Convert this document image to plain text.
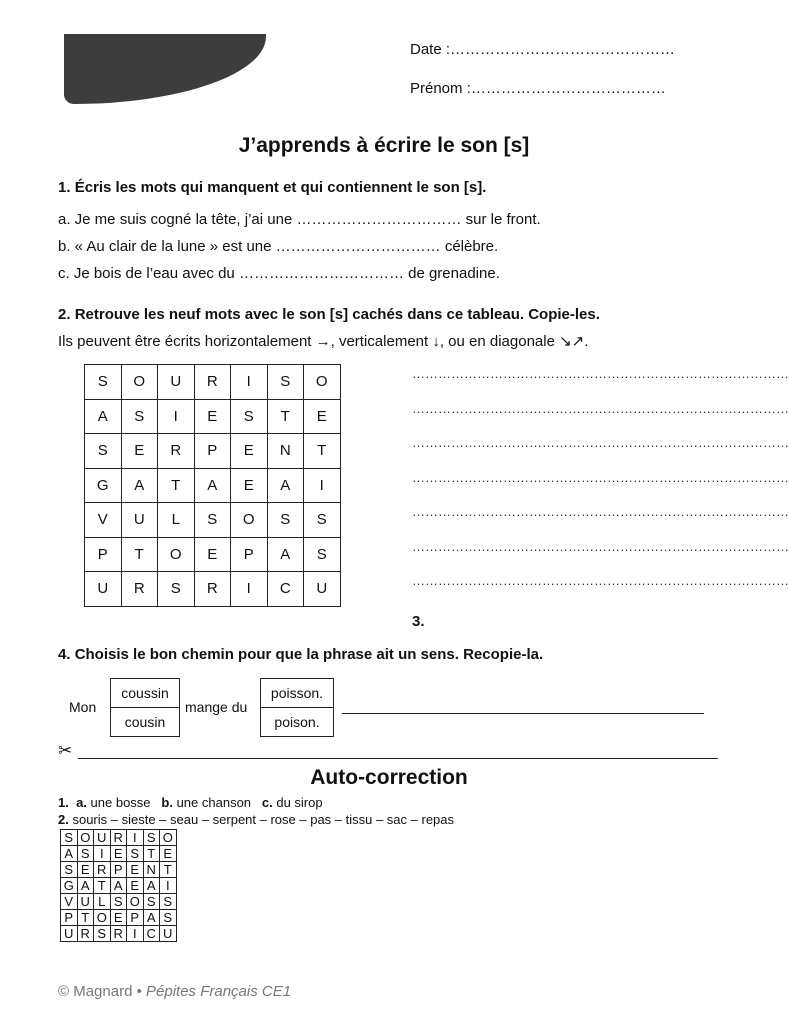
Date :………………………………………
Prénom :…………………………………
J’apprends à écrire le son [s]
1. Écris les mots qui manquent et qui contiennent le son [s].
a. Je me suis cogné la tête, j’ai une …………………………… sur le front.
b. « Au clair de la lune » est une …………………………… célèbre.
c. Je bois de l’eau avec du …………………………… de grenadine.
2. Retrouve les neuf mots avec le son [s] cachés dans ce tableau. Copie-les.
Ils peuvent être écrits horizontalement →, verticalement ↓, ou en diagonale ↘↗.
S	O	U	R	I	S	O
A	S	I	E	S	T	E
S	E	R	P	E	N	T
G	A	T	A	E	A	I
V	U	L	S	O	S	S
P	T	O	E	P	A	S
U	R	S	R	I	C	U
……………………………………………………………………………
……………………………………………………………………………
……………………………………………………………………………
……………………………………………………………………………
……………………………………………………………………………
……………………………………………………………………………
……………………………………………………………………………
3.
4. Choisis le bon chemin pour que la phrase ait un sens. Recopie-la.
Mon
coussin
cousin
mange du
poisson.
poison.
✂
Auto-correction
1. a. une bosse b. une chanson c. du sirop
2. souris – sieste – seau – serpent – rose – pas – tissu – sac – repas
S	O	U	R	I	S	O
A	S	I	E	S	T	E
S	E	R	P	E	N	T
G	A	T	A	E	A	I
V	U	L	S	O	S	S
P	T	O	E	P	A	S
U	R	S	R	I	C	U
© Magnard • Pépites Français CE1
